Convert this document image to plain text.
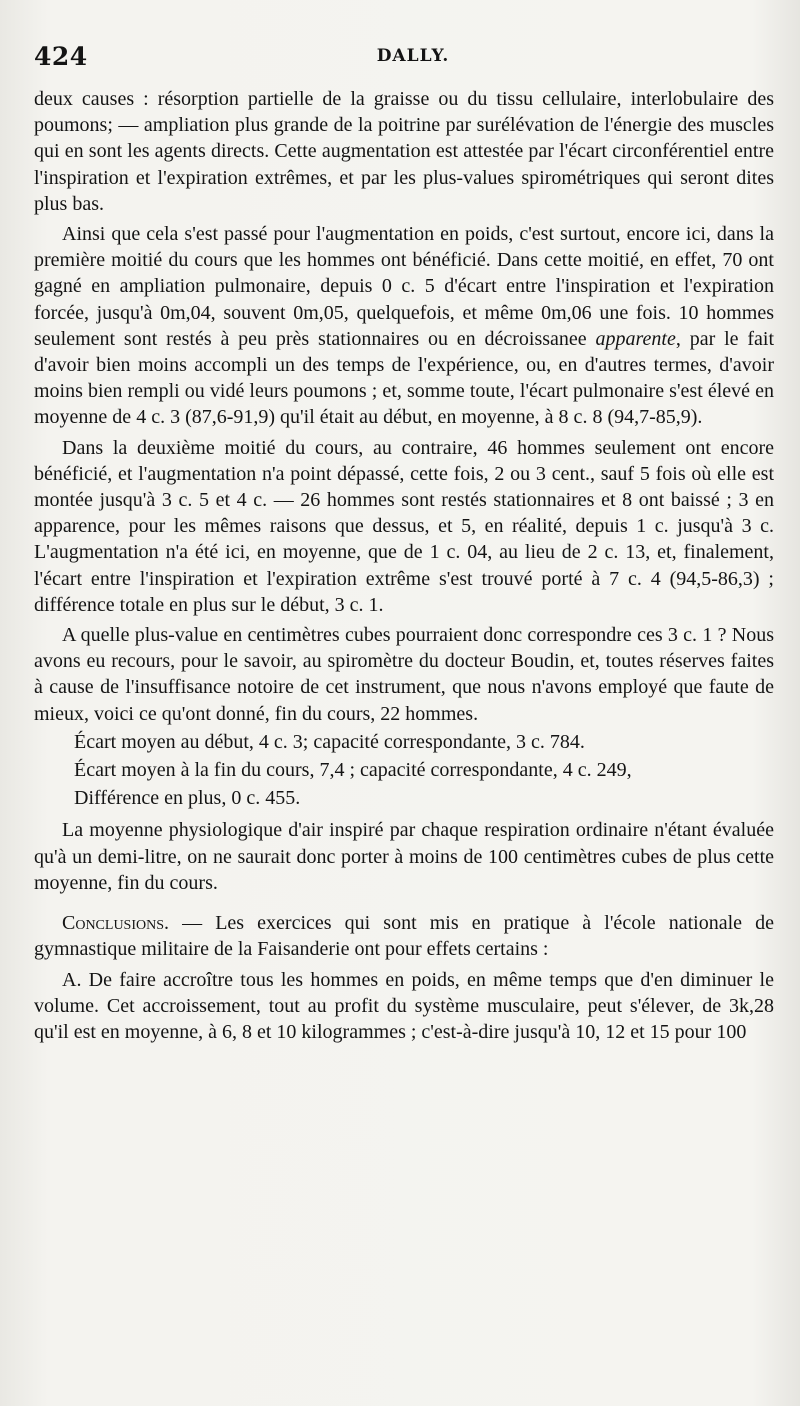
424	DALLY.

deux causes : résorption partielle de la graisse ou du tissu cellulaire, interlobulaire des poumons; — ampliation plus grande de la poitrine par surélévation de l'énergie des muscles qui en sont les agents directs. Cette augmentation est attestée par l'écart circonférentiel entre l'inspiration et l'expiration extrêmes, et par les plus-values spirométriques qui seront dites plus bas.

Ainsi que cela s'est passé pour l'augmentation en poids, c'est surtout, encore ici, dans la première moitié du cours que les hommes ont bénéficié. Dans cette moitié, en effet, 70 ont gagné en ampliation pulmonaire, depuis 0 c. 5 d'écart entre l'inspiration et l'expiration forcée, jusqu'à 0m,04, souvent 0m,05, quelquefois, et même 0m,06 une fois. 10 hommes seulement sont restés à peu près stationnaires ou en décroissanee apparente, par le fait d'avoir bien moins accompli un des temps de l'expérience, ou, en d'autres termes, d'avoir moins bien rempli ou vidé leurs poumons ; et, somme toute, l'écart pulmonaire s'est élevé en moyenne de 4 c. 3 (87,6-91,9) qu'il était au début, en moyenne, à 8 c. 8 (94,7-85,9).

Dans la deuxième moitié du cours, au contraire, 46 hommes seulement ont encore bénéficié, et l'augmentation n'a point dépassé, cette fois, 2 ou 3 cent., sauf 5 fois où elle est montée jusqu'à 3 c. 5 et 4 c. — 26 hommes sont restés stationnaires et 8 ont baissé ; 3 en apparence, pour les mêmes raisons que dessus, et 5, en réalité, depuis 1 c. jusqu'à 3 c. L'augmentation n'a été ici, en moyenne, que de 1 c. 04, au lieu de 2 c. 13, et, finalement, l'écart entre l'inspiration et l'expiration extrême s'est trouvé porté à 7 c. 4 (94,5-86,3) ; différence totale en plus sur le début, 3 c. 1.

A quelle plus-value en centimètres cubes pourraient donc correspondre ces 3 c. 1 ? Nous avons eu recours, pour le savoir, au spiromètre du docteur Boudin, et, toutes réserves faites à cause de l'insuffisance notoire de cet instrument, que nous n'avons employé que faute de mieux, voici ce qu'ont donné, fin du cours, 22 hommes.

Écart moyen au début, 4 c. 3; capacité correspondante, 3 c. 784.

Écart moyen à la fin du cours, 7,4 ; capacité correspondante, 4 c. 249,

Différence en plus, 0 c. 455.

La moyenne physiologique d'air inspiré par chaque respiration ordinaire n'étant évaluée qu'à un demi-litre, on ne saurait donc porter à moins de 100 centimètres cubes de plus cette moyenne, fin du cours.

Conclusions. — Les exercices qui sont mis en pratique à l'école nationale de gymnastique militaire de la Faisanderie ont pour effets certains :

A. De faire accroître tous les hommes en poids, en même temps que d'en diminuer le volume. Cet accroissement, tout au profit du système musculaire, peut s'élever, de 3k,28 qu'il est en moyenne, à 6, 8 et 10 kilogrammes ; c'est-à-dire jusqu'à 10, 12 et 15 pour 100
